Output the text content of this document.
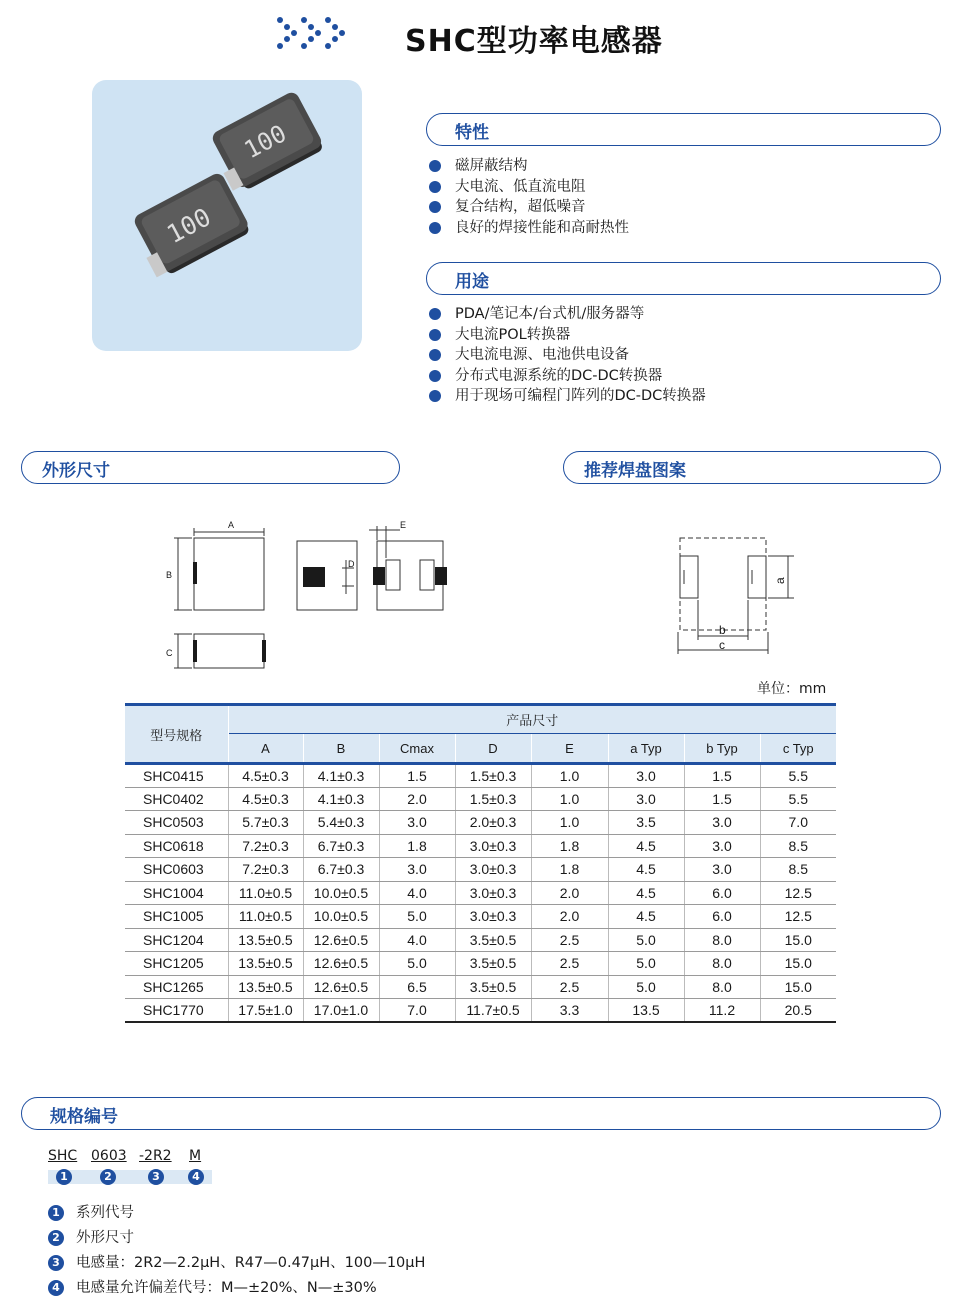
SHC型功率电感器
100
100
特性
磁屏蔽结构
大电流、低直流电阻
复合结构，超低噪音
良好的焊接性能和高耐热性
用途
PDA/笔记本/台式机/服务器等
大电流POL转换器
大电流电源、电池供电设备
分布式电源系统的DC-DC转换器
用于现场可编程门阵列的DC-DC转换器
外形尺寸	推荐焊盘图案
A
B
D
E
C
a
b
c
单位：mm
型号规格	产品尺寸							
	A	B	Cmax	D	E	a Typ	b Typ	c Typ
SHC0415	4.5±0.3	4.1±0.3	1.5	1.5±0.3	1.0	3.0	1.5	5.5
SHC0402	4.5±0.3	4.1±0.3	2.0	1.5±0.3	1.0	3.0	1.5	5.5
SHC0503	5.7±0.3	5.4±0.3	3.0	2.0±0.3	1.0	3.5	3.0	7.0
SHC0618	7.2±0.3	6.7±0.3	1.8	3.0±0.3	1.8	4.5	3.0	8.5
SHC0603	7.2±0.3	6.7±0.3	3.0	3.0±0.3	1.8	4.5	3.0	8.5
SHC1004	11.0±0.5	10.0±0.5	4.0	3.0±0.3	2.0	4.5	6.0	12.5
SHC1005	11.0±0.5	10.0±0.5	5.0	3.0±0.3	2.0	4.5	6.0	12.5
SHC1204	13.5±0.5	12.6±0.5	4.0	3.5±0.5	2.5	5.0	8.0	15.0
SHC1205	13.5±0.5	12.6±0.5	5.0	3.5±0.5	2.5	5.0	8.0	15.0
SHC1265	13.5±0.5	12.6±0.5	6.5	3.5±0.5	2.5	5.0	8.0	15.0
SHC1770	17.5±1.0	17.0±1.0	7.0	11.7±0.5	3.3	13.5	11.2	20.5
规格编号
SHC 0603 -2R2 M
1	2	3	4
1 系列代号
2 外形尺寸
3 电感量：2R2—2.2μH、R47—0.47μH、100—10μH
4 电感量允许偏差代号：M—±20%、N—±30%
